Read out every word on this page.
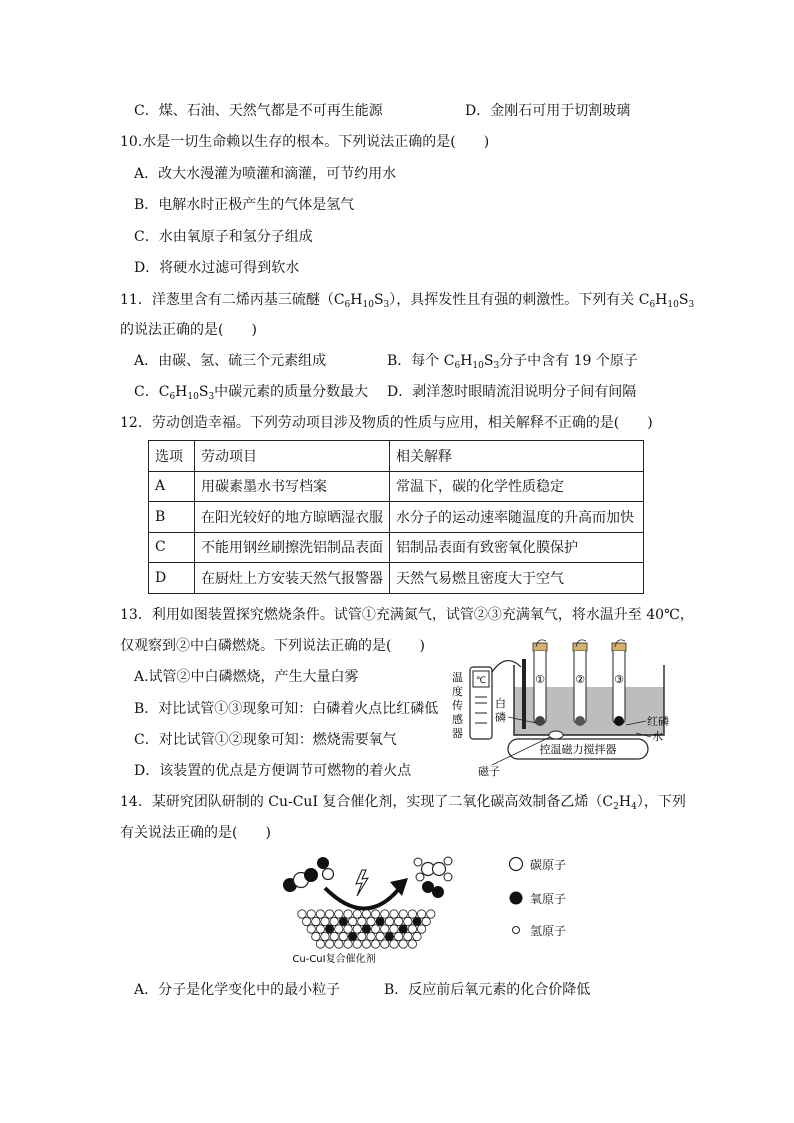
C．煤、石油、天然气都是不可再生能源	D．金刚石可用于切割玻璃
10.水是一切生命赖以生存的根本。下列说法正确的是(　　)
A．改大水漫灌为喷灌和滴灌，可节约用水
B．电解水时正极产生的气体是氢气
C．水由氧原子和氢分子组成
D．将硬水过滤可得到软水
11．洋葱里含有二烯丙基三硫醚$(C_6H_{10}S_3)$，具挥发性且有强的刺激性。下列有关 $C_6H_{10}S_3$
的说法正确的是(　　)
A．由碳、氢、硫三个元素组成	B．每个 $C_6H_{10}S_3$分子中含有 19 个原子
C．$C_6H_{10}S_3$中碳元素的质量分数最大 D．剥洋葱时眼睛流泪说明分子间有间隔
12．劳动创造幸福。下列劳动项目涉及物质的性质与应用，相关解释不正确的是(　　)
选项	劳动项目	相关解释
A	用碳素墨水书写档案	常温下，碳的化学性质稳定
B	在阳光较好的地方晾晒湿衣服	水分子的运动速率随温度的升高而加快
C	不能用钢丝刷擦洗铝制品表面	铝制品表面有致密氧化膜保护
D	在厨灶上方安装天然气报警器	天然气易燃且密度大于空气
13．利用如图装置探究燃烧条件。试管①充满氮气，试管②③充满氧气，将水温升至 40℃，
仅观察到②中白磷燃烧。下列说法正确的是(　　)
A.试管②中白磷燃烧，产生大量白雾
B．对比试管①③现象可知：白磷着火点比红磷低
C．对比试管①②现象可知：燃烧需要氧气
D．该装置的优点是方便调节可燃物的着火点
℃
温
度
传
感
器
①	②	③
白
磷	红磷
水
控温磁力搅拌器
磁子
14．某研究团队研制的 Cu-CuI 复合催化剂，实现了二氧化碳高效制备乙烯$(C_2H_4)$，下列
有关说法正确的是(　　)
Cu-CuI复合催化剂
碳原子
氧原子
氢原子
A．分子是化学变化中的最小粒子	B．反应前后氧元素的化合价降低
